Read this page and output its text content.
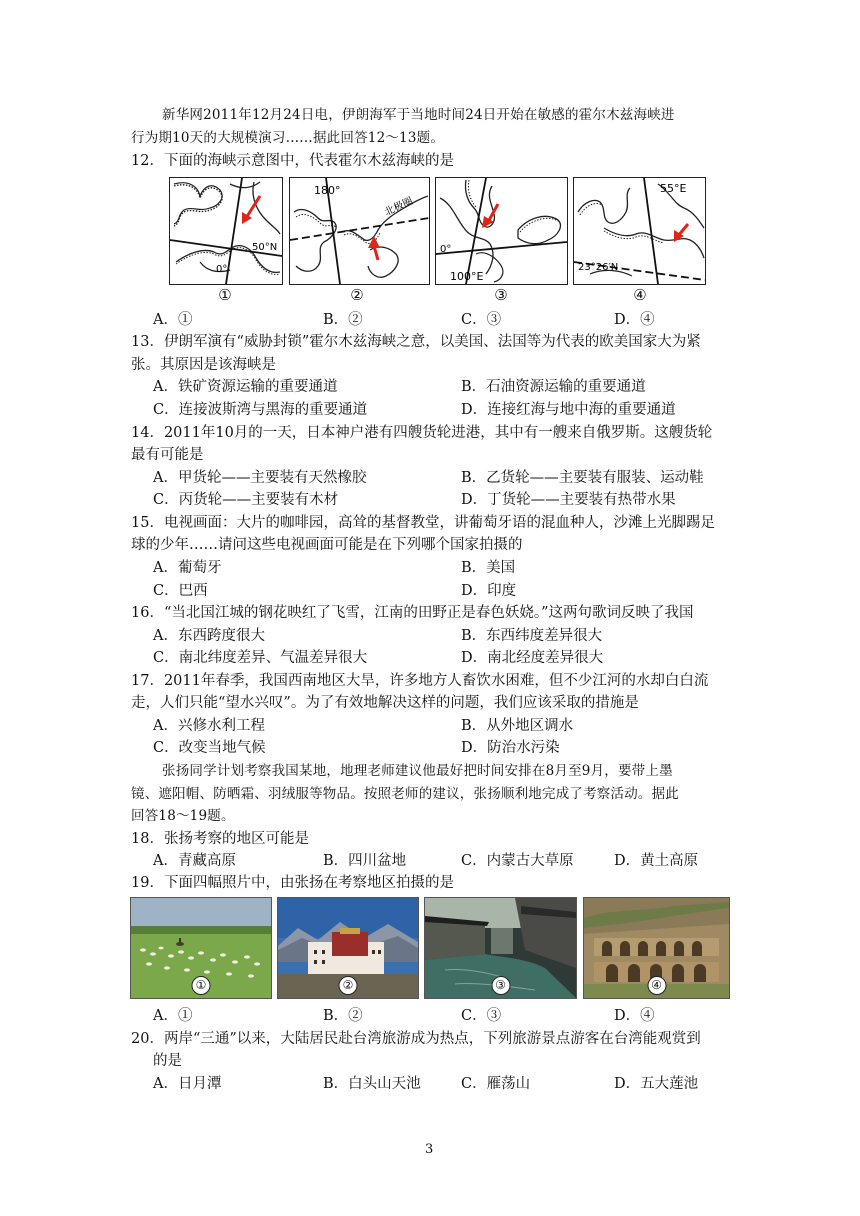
新华网2011年12月24日电，伊朗海军于当地时间24日开始在敏感的霍尔木兹海峡进
行为期10天的大规模演习……据此回答12～13题。
12．下面的海峡示意图中，代表霍尔木兹海峡的是
0°
50°N
①
180°
北极圈
②
0°
100°E
③
55°E
23°26′N
④
A．①	B．②	C．③	D．④
13．伊朗军演有“威胁封锁”霍尔木兹海峡之意，以美国、法国等为代表的欧美国家大为紧
张。其原因是该海峡是
A．铁矿资源运输的重要通道	B．石油资源运输的重要通道
C．连接波斯湾与黑海的重要通道	D．连接红海与地中海的重要通道
14．2011年10月的一天，日本神户港有四艘货轮进港，其中有一艘来自俄罗斯。这艘货轮
最有可能是
A．甲货轮——主要装有天然橡胶	B．乙货轮——主要装有服装、运动鞋
C．丙货轮——主要装有木材	D．丁货轮——主要装有热带水果
15．电视画面：大片的咖啡园，高耸的基督教堂，讲葡萄牙语的混血种人，沙滩上光脚踢足
球的少年……请问这些电视画面可能是在下列哪个国家拍摄的
A．葡萄牙	B．美国
C．巴西	D．印度
16．“当北国江城的钢花映红了飞雪，江南的田野正是春色妖娆。”这两句歌词反映了我国
A．东西跨度很大	B．东西纬度差异很大
C．南北纬度差异、气温差异很大	D．南北经度差异很大
17．2011年春季，我国西南地区大旱，许多地方人畜饮水困难，但不少江河的水却白白流
走，人们只能“望水兴叹”。为了有效地解决这样的问题，我们应该采取的措施是
A．兴修水利工程	B．从外地区调水
C．改变当地气候	D．防治水污染
张扬同学计划考察我国某地，地理老师建议他最好把时间安排在8月至9月，要带上墨
镜、遮阳帽、防晒霜、羽绒服等物品。按照老师的建议，张扬顺利地完成了考察活动。据此
回答18～19题。
18．张扬考察的地区可能是
A．青藏高原	B．四川盆地	C．内蒙古大草原	D．黄土高原
19．下面四幅照片中，由张扬在考察地区拍摄的是
①	②	③	④
A．①	B．②	C．③	D．④
20．两岸“三通”以来，大陆居民赴台湾旅游成为热点，下列旅游景点游客在台湾能观赏到
的是
A．日月潭	B．白头山天池	C．雁荡山	D．五大莲池
3
